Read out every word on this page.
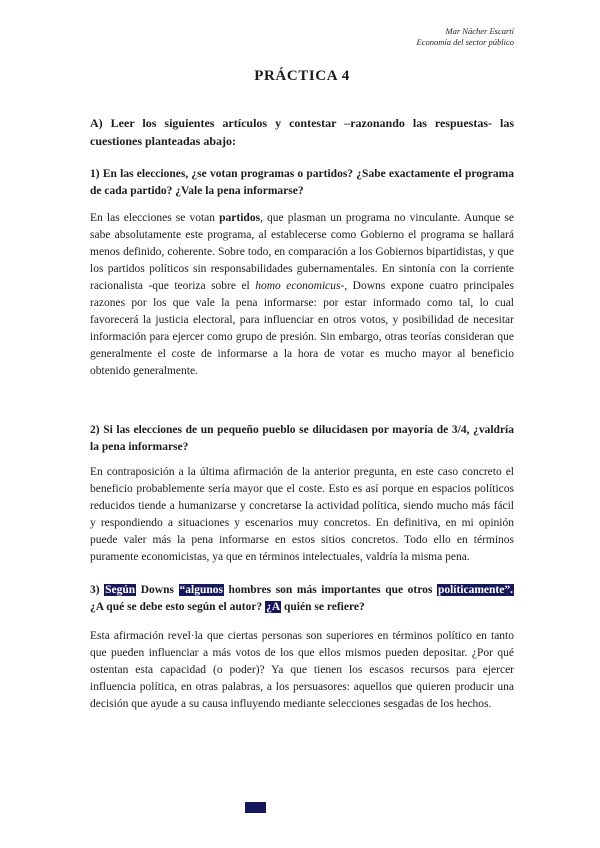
Mar Nácher Escartí
Economía del sector público
PRÁCTICA 4

A) Leer los siguientes artículos y contestar –razonando las respuestas- las cuestiones planteadas abajo:

1) En las elecciones, ¿se votan programas o partidos? ¿Sabe exactamente el programa de cada partido? ¿Vale la pena informarse?

En las elecciones se votan partidos, que plasman un programa no vinculante. Aunque se sabe absolutamente este programa, al establecerse como Gobierno el programa se hallará menos definido, coherente. Sobre todo, en comparación a los Gobiernos bipartidistas, y que los partidos políticos sin responsabilidades gubernamentales. En sintonía con la corriente racionalista -que teoriza sobre el homo economicus-, Downs expone cuatro principales razones por los que vale la pena informarse: por estar informado como tal, lo cual favorecerá la justicia electoral, para influenciar en otros votos, y posibilidad de necesitar información para ejercer como grupo de presión. Sin embargo, otras teorías consideran que generalmente el coste de informarse a la hora de votar es mucho mayor al beneficio obtenido generalmente.

2) Si las elecciones de un pequeño pueblo se dilucidasen por mayoría de 3/4, ¿valdría la pena informarse?

En contraposición a la última afirmación de la anterior pregunta, en este caso concreto el beneficio probablemente sería mayor que el coste. Esto es así porque en espacios políticos reducidos tiende a humanizarse y concretarse la actividad política, siendo mucho más fácil y respondiendo a situaciones y escenarios muy concretos. En definitiva, en mi opinión puede valer más la pena informarse en estos sitios concretos. Todo ello en términos puramente economicistas, ya que en términos intelectuales, valdría la misma pena.

3) Según Downs “algunos hombres son más importantes que otros políticamente”. ¿A qué se debe esto según el autor? ¿A quién se refiere?

Esta afirmación revel·la que ciertas personas son superiores en términos político en tanto que pueden influenciar a más votos de los que ellos mismos pueden depositar. ¿Por qué ostentan esta capacidad (o poder)? Ya que tienen los escasos recursos para ejercer influencia política, en otras palabras, a los persuasores: aquellos que quieren producir una decisión que ayude a su causa influyendo mediante selecciones sesgadas de los hechos.
